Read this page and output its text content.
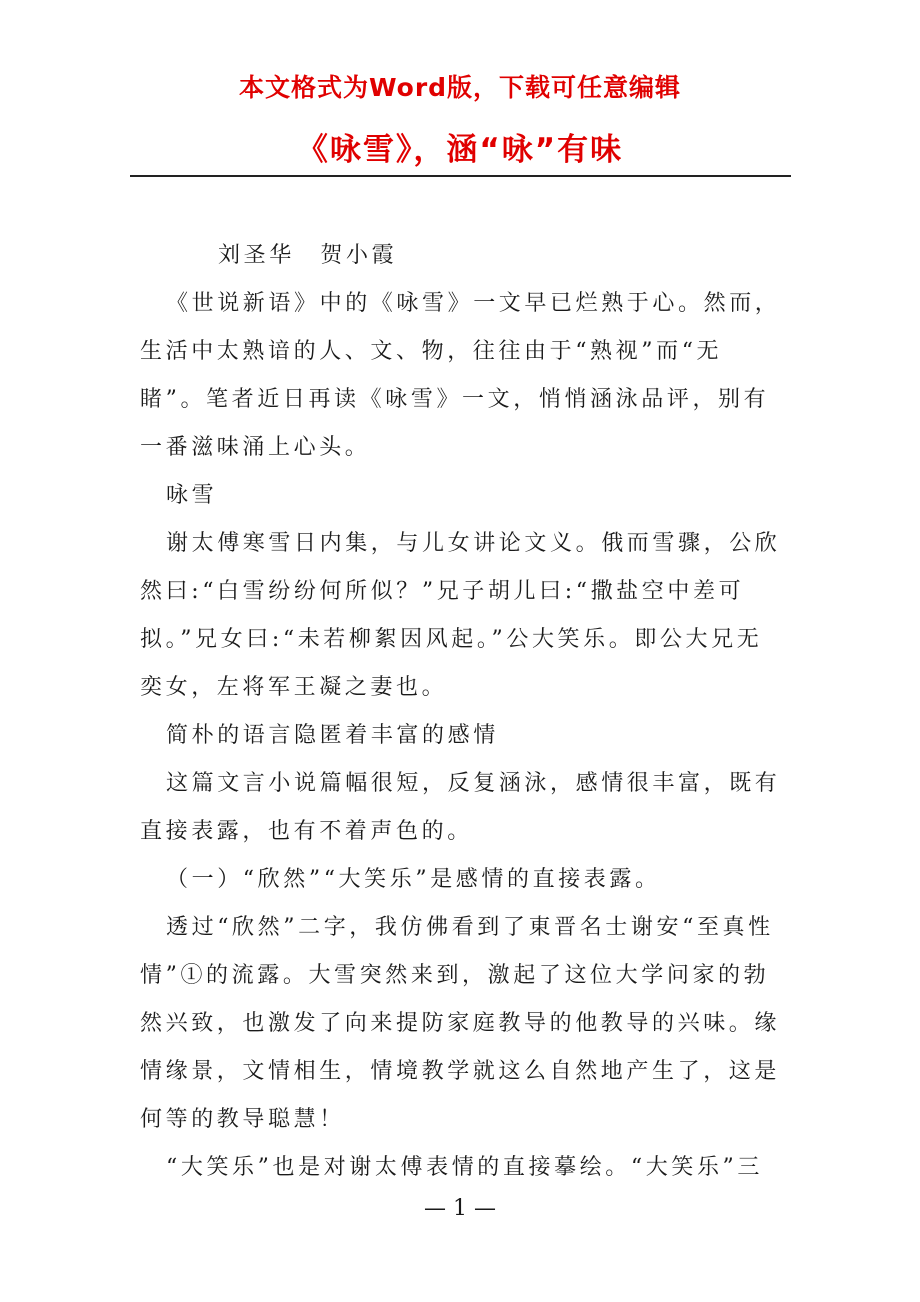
本文格式为Word版，下载可任意编辑
《咏雪》，涵“咏”有味

刘圣华　贺小霞

《世说新语》中的《咏雪》一文早已烂熟于心。然而，生活中太熟谙的人、文、物，往往由于“熟视”而“无睹”。笔者近日再读《咏雪》一文，悄悄涵泳品评，别有一番滋味涌上心头。

咏雪

谢太傅寒雪日内集，与儿女讲论文义。俄而雪骤，公欣然曰:“白雪纷纷何所似？”兄子胡儿曰:“撒盐空中差可拟。”兄女曰:“未若柳絮因风起。”公大笑乐。即公大兄无奕女，左将军王凝之妻也。

简朴的语言隐匿着丰富的感情

这篇文言小说篇幅很短，反复涵泳，感情很丰富，既有直接表露，也有不着声色的。

（一）“欣然”“大笑乐”是感情的直接表露。

透过“欣然”二字，我仿佛看到了東晋名士谢安“至真性情”①的流露。大雪突然来到，激起了这位大学问家的勃然兴致，也激发了向来提防家庭教导的他教导的兴味。缘情缘景，文情相生，情境教学就这么自然地产生了，这是何等的教导聪慧！

“大笑乐”也是对谢太傅表情的直接摹绘。“大笑乐”三

— 1 —
